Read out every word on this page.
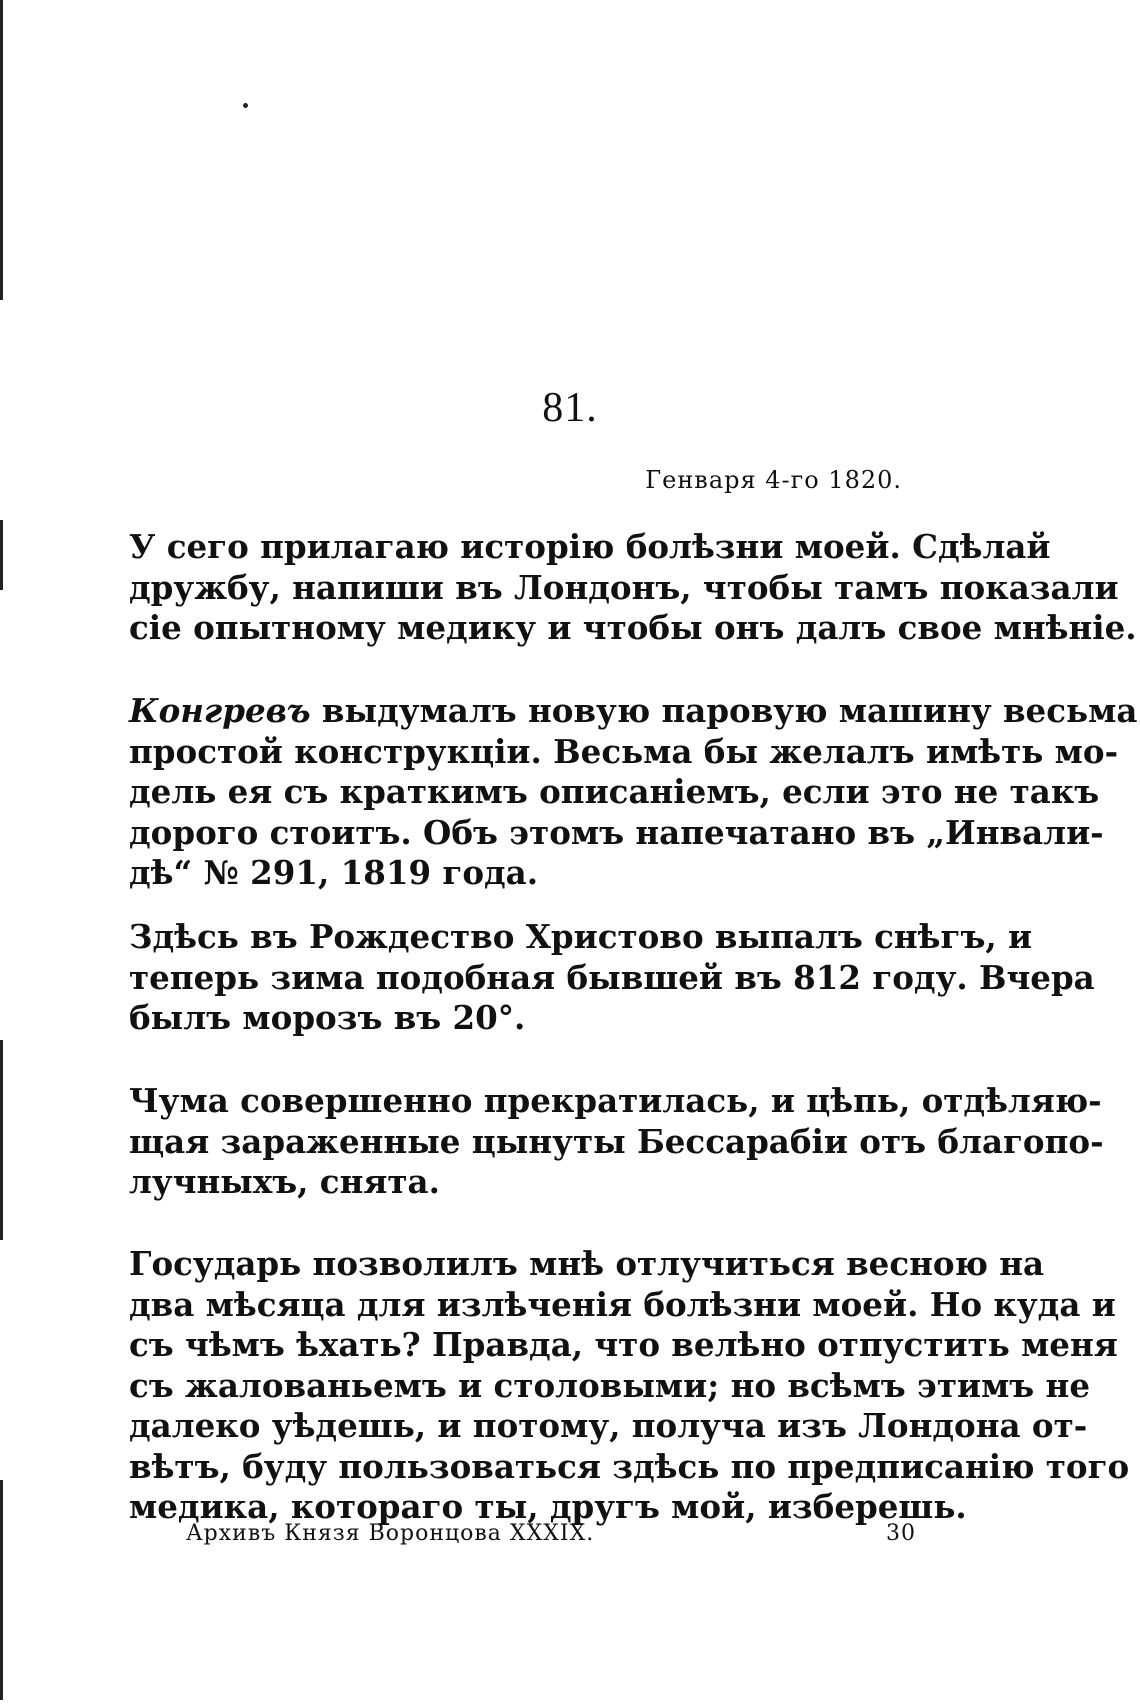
81.
Генваря 4-го 1820.

У сего прилагаю исторію болѣзни моей. Сдѣлай
дружбу, напиши въ Лондонъ, чтобы тамъ показали
сіе опытному медику и чтобы онъ далъ свое мнѣніе.

Конгревъ выдумалъ новую паровую машину весьма
простой конструкціи. Весьма бы желалъ имѣть мо-
дель ея съ краткимъ описаніемъ, если это не такъ
дорого стоитъ. Объ этомъ напечатано въ „Инвали-
дѣ“ № 291, 1819 года.

Здѣсь въ Рождество Христово выпалъ снѣгъ, и
теперь зима подобная бывшей въ 812 году. Вчера
былъ морозъ въ 20°.

Чума совершенно прекратилась, и цѣпь, отдѣляю-
щая зараженные цынуты Бессарабіи отъ благопо-
лучныхъ, снята.

Государь позволилъ мнѣ отлучиться весною на
два мѣсяца для излѣченія болѣзни моей. Но куда и
съ чѣмъ ѣхать? Правда, что велѣно отпустить меня
съ жалованьемъ и столовыми; но всѣмъ этимъ не
далеко уѣдешь, и потому, получа изъ Лондона от-
вѣтъ, буду пользоваться здѣсь по предписанію того
медика, котораго ты, другъ мой, изберешь.

Архивъ Князя Воронцова XXXIX.	30
